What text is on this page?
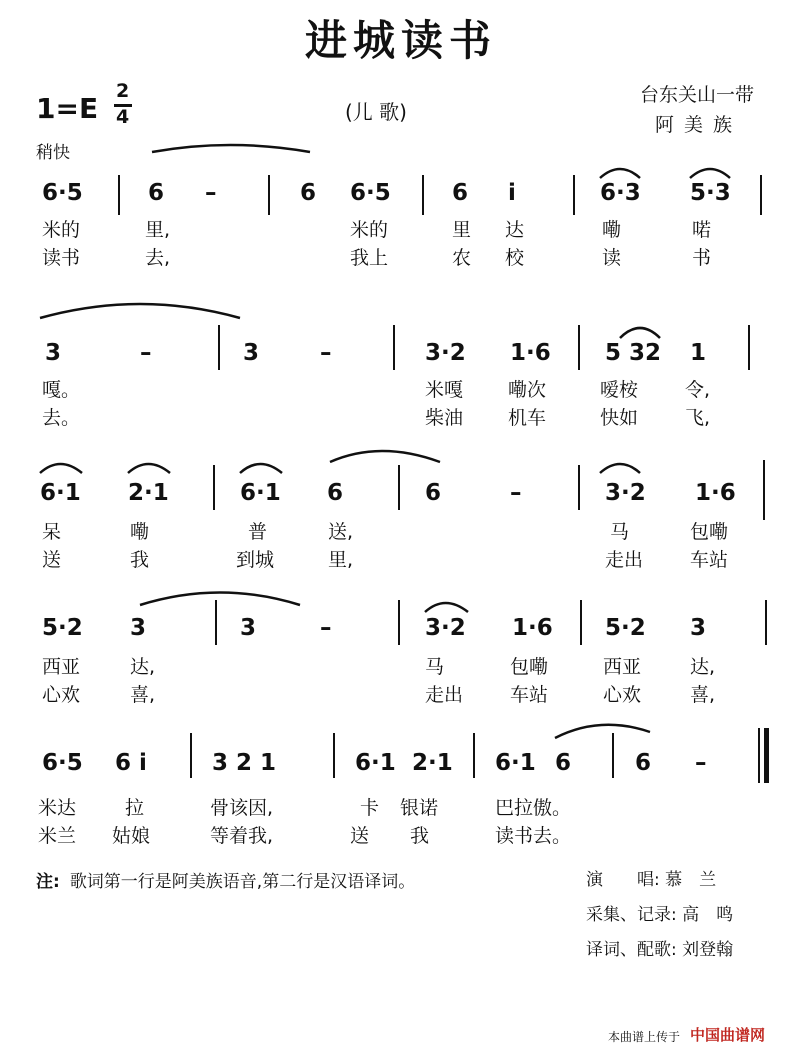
进城读书
1=E
2
4	(儿 歌)
台东关山一带
阿美族
稍快
6·5	6 –	6 6·5	6 i	6·3 5·3
米的	里,	米的	里 达	嘞	喏
读书	去,	我上	农 校	读	书
3	–	3	–	3·2 1·6 5 32 1
嘎。	米嘎 嘞次	嗳桉 令,
去。	柴油 机车	快如 飞,
6·1 2·1	6·1 6	6	–	3·2 1·6
呆	嘞	普	送,	马	包嘞
送	我	到城	里,	走出 车站
5·2 3	3	–	3·2 1·6 5·2 3
西亚	达,	马	包嘞	西亚	达,
心欢	喜,	走出 车站	心欢	喜,
6·5 6 i	3 2 1	6·1 2·1 6·1 6	6 –
米达	拉	骨该因,	卡 银诺	巴拉傲。
米兰 姑娘	等着我,	送 我	读书去。
注: 歌词第一行是阿美族语音,第二行是汉语译词。	演　　唱: 慕　兰
采集、记录: 高　鸣
译词、配歌: 刘登翰
本曲谱上传于 中国曲谱网
